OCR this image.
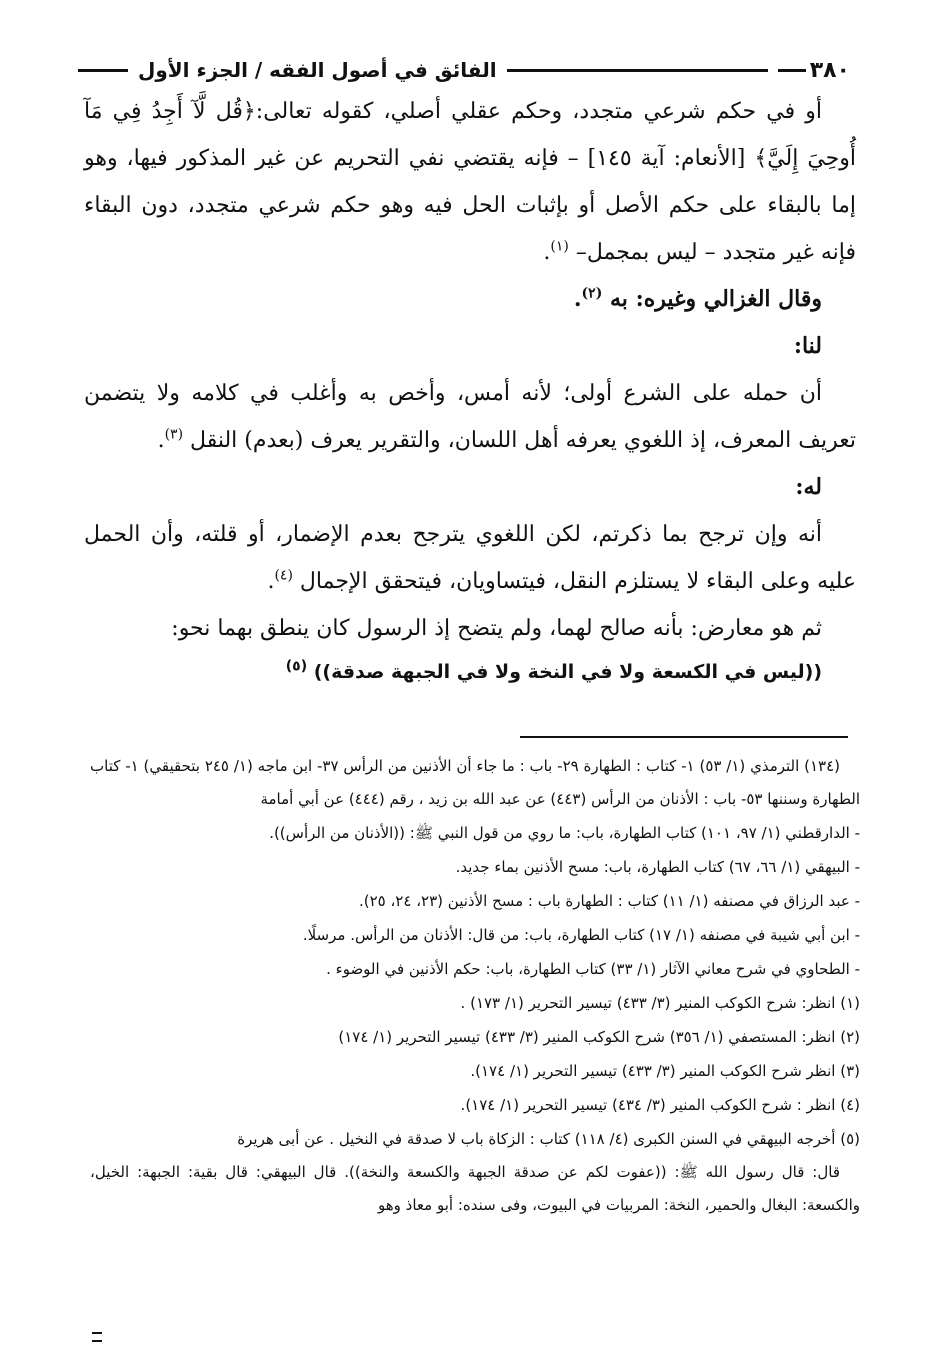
٣٨٠
الفائق في أصول الفقه / الجزء الأول

أو في حكم شرعي متجدد، وحكم عقلي أصلي، كقوله تعالى:﴿قُل لَّآ أَجِدُ فِي مَآ أُوحِيَ إِلَيَّ﴾ [الأنعام: آية ١٤٥] – فإنه يقتضي نفي التحريم عن غير المذكور فيها، وهو إما بالبقاء على حكم الأصل أو بإثبات الحل فيه وهو حكم شرعي متجدد، دون البقاء فإنه غير متجدد – ليس بمجمل– $^{(١)}$.

وقال الغزالي وغيره: به $^{(٢)}$.

لنا:

أن حمله على الشرع أولى؛ لأنه أمس، وأخص به وأغلب في كلامه ولا يتضمن تعريف المعرف، إذ اللغوي يعرفه أهل اللسان، والتقرير يعرف (بعدم) النقل $^{(٣)}$.

له:

أنه وإن ترجح بما ذكرتم، لكن اللغوي يترجح بعدم الإضمار، أو قلته، وأن الحمل عليه وعلى البقاء لا يستلزم النقل، فيتساويان، فيتحقق الإجمال $^{(٤)}$.

ثم هو معارض: بأنه صالح لهما، ولم يتضح إذ الرسول كان ينطق بهما نحو:

((ليس في الكسعة ولا في النخة ولا في الجبهة صدقة)) $^{(٥)}$

(١٣٤) الترمذي (١/ ٥٣) ١- كتاب : الطهارة ٢٩- باب : ما جاء أن الأذنين من الرأس ٣٧- ابن ماجه (١/ ٢٤٥ بتحقيقي) ١- كتاب الطهارة وسننها ٥٣- باب : الأذنان من الرأس (٤٤٣) عن عبد الله بن زيد ، رقم (٤٤٤) عن أبي أمامة

- الدارقطني (١/ ٩٧، ١٠١) كتاب الطهارة، باب: ما روي من قول النبي ﷺ: ((الأذنان من الرأس)).

- البيهقي (١/ ٦٦، ٦٧) كتاب الطهارة، باب: مسح الأذنين بماء جديد.

- عبد الرزاق في مصنفه (١/ ١١) كتاب : الطهارة باب : مسح الأذنين (٢٣، ٢٤، ٢٥).

- ابن أبي شيبة في مصنفه (١/ ١٧) كتاب الطهارة، باب: من قال: الأذنان من الرأس. مرسلًا.

- الطحاوي في شرح معاني الآثار (١/ ٣٣) كتاب الطهارة، باب: حكم الأذنين في الوضوء .

(١) انظر: شرح الكوكب المنير (٣/ ٤٣٣) تيسير التحرير (١/ ١٧٣) .

(٢) انظر: المستصفي (١/ ٣٥٦) شرح الكوكب المنير (٣/ ٤٣٣) تيسير التحرير (١/ ١٧٤)

(٣) انظر شرح الكوكب المنير (٣/ ٤٣٣) تيسير التحرير (١/ ١٧٤).

(٤) انظر : شرح الكوكب المنير (٣/ ٤٣٤) تيسير التحرير (١/ ١٧٤).

(٥) أخرجه البيهقي في السنن الكبرى (٤/ ١١٨) كتاب : الزكاة باب لا صدقة في النخيل . عن أبى هريرة

قال: قال رسول الله ﷺ: ((عفوت لكم عن صدقة الجبهة والكسعة والنخة)). قال البيهقي: قال بقية: الجبهة: الخيل، والكسعة: البغال والحمير، النخة: المربيات في البيوت، وفى سنده: أبو معاذ وهو
